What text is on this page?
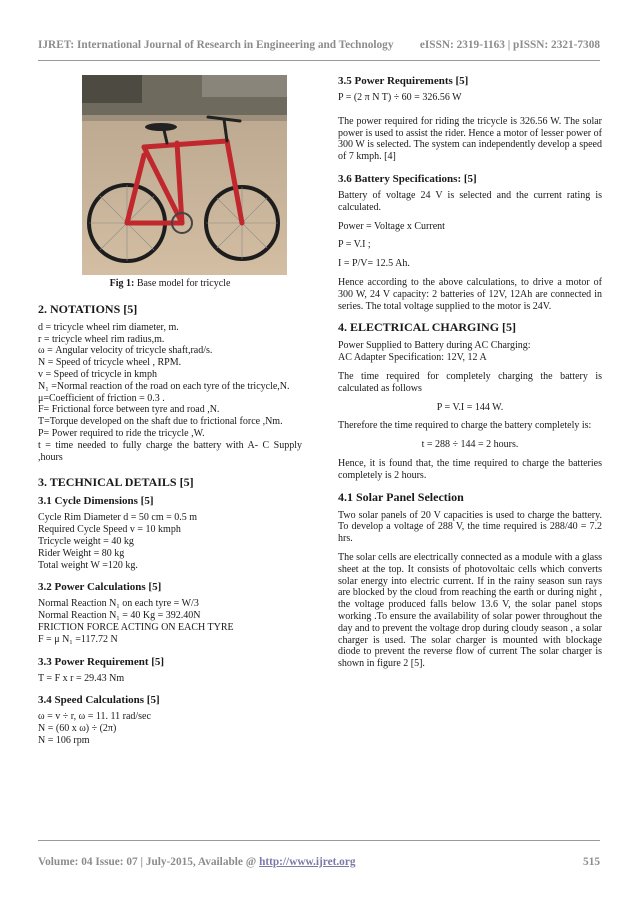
IJRET: International Journal of Research in Engineering and Technology eISSN: 2319-1163 | pISSN: 2321-7308
Fig 1: Base model for tricycle
2. NOTATIONS [5]

d = tricycle wheel rim diameter, m.

r = tricycle wheel rim radius,m.

ω = Angular velocity of tricycle shaft,rad/s.

N = Speed of tricycle wheel , RPM.

v = Speed of tricycle in kmph

N₁ =Normal reaction of the road on each tyre of the tricycle,N.

μ=Coefficient of friction = 0.3 .

F= Frictional force between tyre and road ,N.

T=Torque developed on the shaft due to frictional force ,Nm.

P= Power required to ride the tricycle ,W.

t = time needed to fully charge the battery with A- C Supply ,hours

3. TECHNICAL DETAILS [5]
3.1 Cycle Dimensions [5]
Cycle Rim Diameter d = 50 cm = 0.5 m
Required Cycle Speed v = 10 kmph
Tricycle weight = 40 kg
Rider Weight = 80 kg
Total weight W =120 kg.
3.2 Power Calculations [5]
Normal Reaction N₁ on each tyre = W/3
Normal Reaction N₁ = 40 Kg = 392.40N
FRICTION FORCE ACTING ON EACH TYRE
F = μ N₁ =117.72 N
3.3 Power Requirement [5]
T = F x r = 29.43 Nm
3.4 Speed Calculations [5]
ω = v ÷ r, ω = 11. 11 rad/sec
N = (60 x ω) ÷ (2π)
N = 106 rpm
3.5 Power Requirements [5]

P = (2 π N T) ÷ 60 = 326.56 W

The power required for riding the tricycle is 326.56 W. The solar power is used to assist the rider. Hence a motor of lesser power of 300 W is selected. The system can independently develop a speed of 7 kmph. [4]

3.6 Battery Specifications: [5]

Battery of voltage 24 V is selected and the current rating is calculated.

Power = Voltage x Current

P = V.I ;

I = P/V= 12.5 Ah.

Hence according to the above calculations, to drive a motor of 300 W, 24 V capacity: 2 batteries of 12V, 12Ah are connected in series. The total voltage supplied to the motor is 24V.

4. ELECTRICAL CHARGING [5]
Power Supplied to Battery during AC Charging:
AC Adapter Specification: 12V, 12 A

The time required for completely charging the battery is calculated as follows

P = V.I = 144 W.

Therefore the time required to charge the battery completely is:

t = 288 ÷ 144 = 2 hours.

Hence, it is found that, the time required to charge the batteries completely is 2 hours.

4.1 Solar Panel Selection

Two solar panels of 20 V capacities is used to charge the battery. To develop a voltage of 288 V, the time required is 288/40 = 7.2 hrs.

The solar cells are electrically connected as a module with a glass sheet at the top. It consists of photovoltaic cells which converts solar energy into electric current. If in the rainy season sun rays are blocked by the cloud from reaching the earth or during night , the voltage produced falls below 13.6 V, the solar panel stops working .To ensure the availability of solar power throughout the day and to prevent the voltage drop during cloudy season , a solar charger is used. The solar charger is mounted with blockage diode to prevent the reverse flow of current The solar charger is shown in figure 2 [5].

Volume: 04 Issue: 07 | July-2015, Available @ http://www.ijret.org	515
